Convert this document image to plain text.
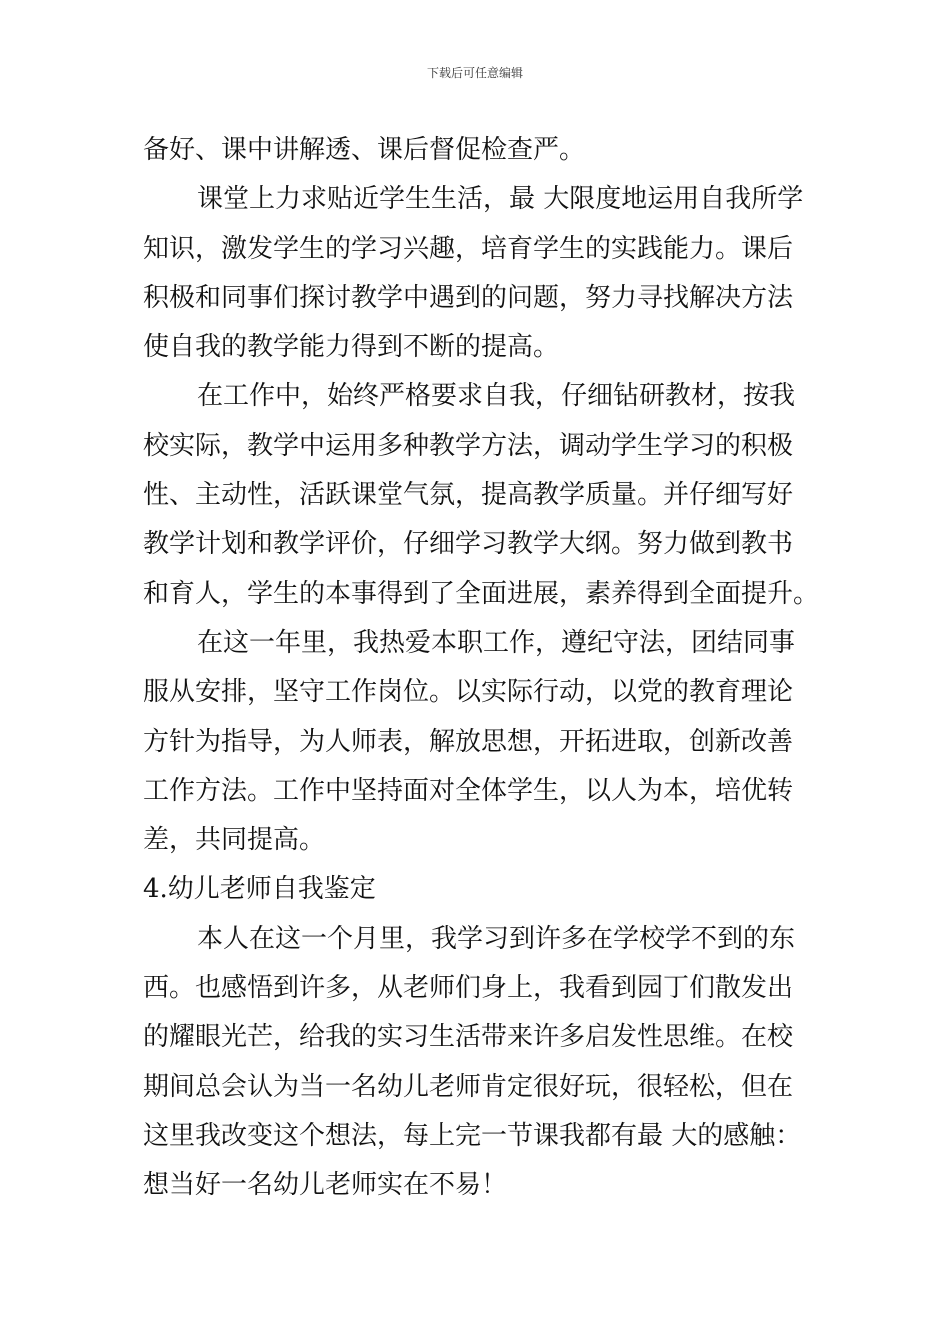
下载后可任意编辑
备好、课中讲解透、课后督促检查严。
课堂上力求贴近学生生活，最 大限度地运用自我所学
知识，激发学生的学习兴趣，培育学生的实践能力。课后
积极和同事们探讨教学中遇到的问题，努力寻找解决方法
使自我的教学能力得到不断的提高。
在工作中，始终严格要求自我，仔细钻研教材，按我
校实际，教学中运用多种教学方法，调动学生学习的积极
性、主动性，活跃课堂气氛，提高教学质量。并仔细写好
教学计划和教学评价，仔细学习教学大纲。努力做到教书
和育人，学生的本事得到了全面进展，素养得到全面提升。
在这一年里，我热爱本职工作，遵纪守法，团结同事
服从安排，坚守工作岗位。以实际行动，以党的教育理论
方针为指导，为人师表，解放思想，开拓进取，创新改善
工作方法。工作中坚持面对全体学生，以人为本，培优转
差，共同提高。
4.幼儿老师自我鉴定
本人在这一个月里，我学习到许多在学校学不到的东
西。也感悟到许多，从老师们身上，我看到园丁们散发出
的耀眼光芒，给我的实习生活带来许多启发性思维。在校
期间总会认为当一名幼儿老师肯定很好玩，很轻松，但在
这里我改变这个想法，每上完一节课我都有最 大的感触：
想当好一名幼儿老师实在不易！
